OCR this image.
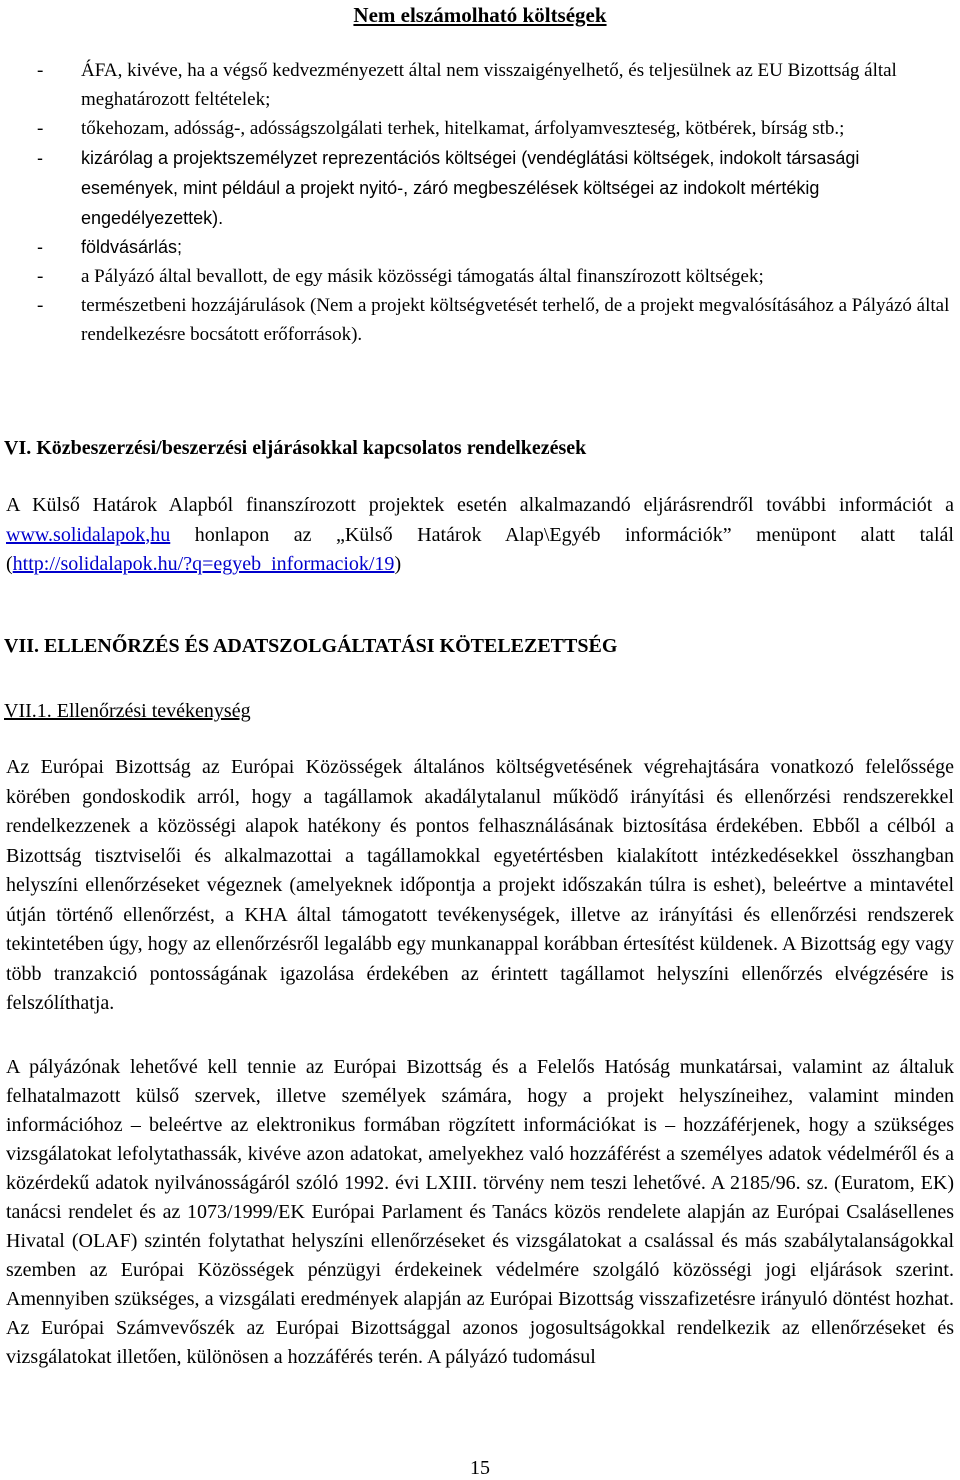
Nem elszámolható költségek
- ÁFA, kivéve, ha a végső kedvezményezett által nem visszaigényelhető, és teljesülnek az EU Bizottság által meghatározott feltételek;
- tőkehozam, adósság-, adósságszolgálati terhek, hitelkamat, árfolyamveszteség, kötbérek, bírság stb.;
- kizárólag a projektszemélyzet reprezentációs költségei (vendéglátási költségek, indokolt társasági események, mint például a projekt nyitó-, záró megbeszélések költségei az indokolt mértékig engedélyezettek).
- földvásárlás;
- a Pályázó által bevallott, de egy másik közösségi támogatás által finanszírozott költségek;
- természetbeni hozzájárulások (Nem a projekt költségvetését terhelő, de a projekt megvalósításához a Pályázó által rendelkezésre bocsátott erőforrások).
VI. Közbeszerzési/beszerzési eljárásokkal kapcsolatos rendelkezések

A Külső Határok Alapból finanszírozott projektek esetén alkalmazandó eljárásrendről további információt a www.solidalapok,hu honlapon az „Külső Határok Alap\Egyéb információk” menüpont alatt talál (http://solidalapok.hu/?q=egyeb_informaciok/19)

VII. ELLENŐRZÉS ÉS ADATSZOLGÁLTATÁSI KÖTELEZETTSÉG
VII.1. Ellenőrzési tevékenység

Az Európai Bizottság az Európai Közösségek általános költségvetésének végrehajtására vonatkozó felelőssége körében gondoskodik arról, hogy a tagállamok akadálytalanul működő irányítási és ellenőrzési rendszerekkel rendelkezzenek a közösségi alapok hatékony és pontos felhasználásának biztosítása érdekében. Ebből a célból a Bizottság tisztviselői és alkalmazottai a tagállamokkal egyetértésben kialakított intézkedésekkel összhangban helyszíni ellenőrzéseket végeznek (amelyeknek időpontja a projekt időszakán túlra is eshet), beleértve a mintavétel útján történő ellenőrzést, a KHA által támogatott tevékenységek, illetve az irányítási és ellenőrzési rendszerek tekintetében úgy, hogy az ellenőrzésről legalább egy munkanappal korábban értesítést küldenek. A Bizottság egy vagy több tranzakció pontosságának igazolása érdekében az érintett tagállamot helyszíni ellenőrzés elvégzésére is felszólíthatja.

A pályázónak lehetővé kell tennie az Európai Bizottság és a Felelős Hatóság munkatársai, valamint az általuk felhatalmazott külső szervek, illetve személyek számára, hogy a projekt helyszíneihez, valamint minden információhoz – beleértve az elektronikus formában rögzített információkat is – hozzáférjenek, hogy a szükséges vizsgálatokat lefolytathassák, kivéve azon adatokat, amelyekhez való hozzáférést a személyes adatok védelméről és a közérdekű adatok nyilvánosságáról szóló 1992. évi LXIII. törvény nem teszi lehetővé. A 2185/96. sz. (Euratom, EK) tanácsi rendelet és az 1073/1999/EK Európai Parlament és Tanács közös rendelete alapján az Európai Csalásellenes Hivatal (OLAF) szintén folytathat helyszíni ellenőrzéseket és vizsgálatokat a csalással és más szabálytalanságokkal szemben az Európai Közösségek pénzügyi érdekeinek védelmére szolgáló közösségi jogi eljárások szerint. Amennyiben szükséges, a vizsgálati eredmények alapján az Európai Bizottság visszafizetésre irányuló döntést hozhat. Az Európai Számvevőszék az Európai Bizottsággal azonos jogosultságokkal rendelkezik az ellenőrzéseket és vizsgálatokat illetően, különösen a hozzáférés terén. A pályázó tudomásul

15
